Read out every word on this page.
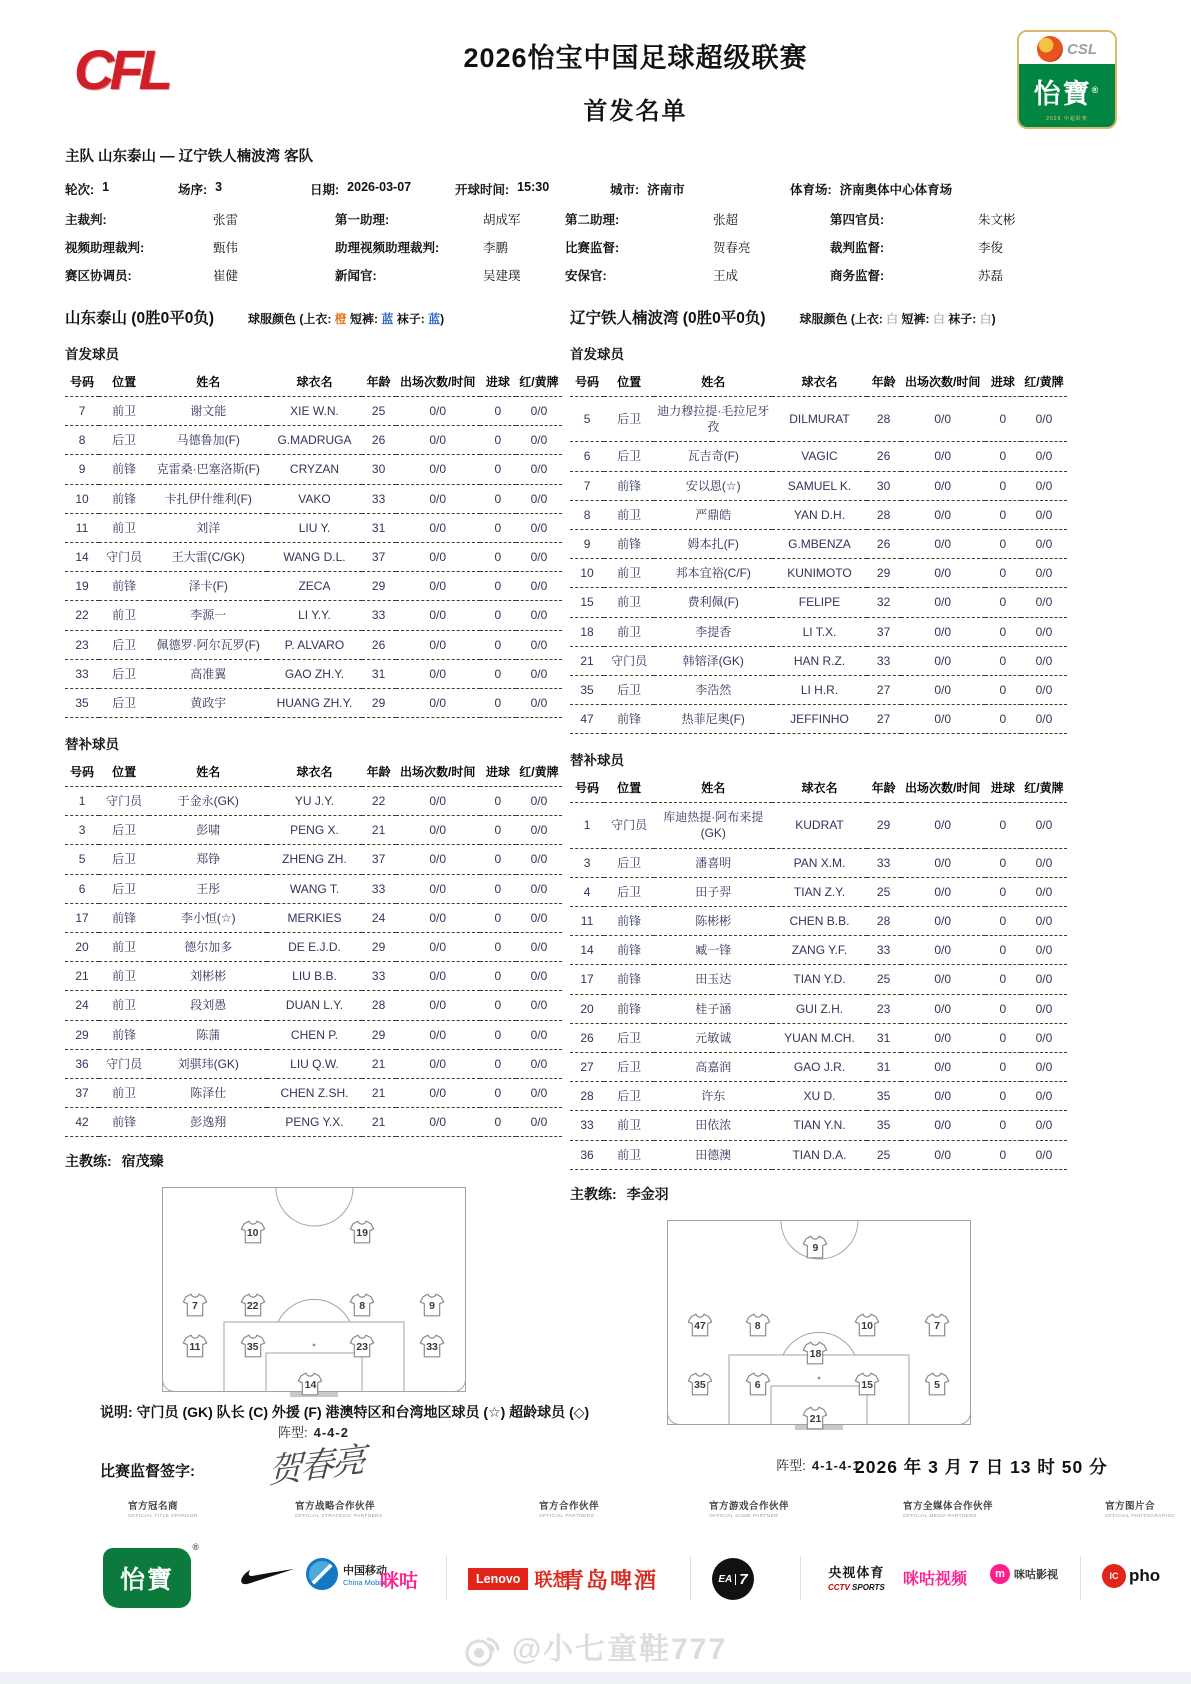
CFL	2026怡宝中国足球超级联赛
首发名单
CSL
怡寶®
2026 中超联赛
主队 山东泰山 — 辽宁铁人楠波湾 客队
轮次: 1	场序: 3	日期: 2026-03-07	开球时间: 15:30	城市: 济南市	体育场: 济南奥体中心体育场
主裁判:	张雷	第一助理:	胡成军	第二助理:	张超	第四官员:	朱文彬
视频助理裁判:	甄伟	助理视频助理裁判:	李鹏	比赛监督:	贺春亮	裁判监督:	李俊
赛区协调员:	崔健	新闻官:	吴建璞	安保官:	王成	商务监督:	苏磊
山东泰山 (0胜0平0负)	球服颜色 (上衣: 橙 短裤: 蓝 袜子: 蓝)
首发球员
号码	位置	姓名	球衣名	年龄	出场次数/时间	进球	红/黄牌
7	前卫	谢文能	XIE W.N.	25	0/0	0	0/0
8	后卫	马德鲁加(F)	G.MADRUGA	26	0/0	0	0/0
9	前锋	克雷桑·巴塞洛斯(F)	CRYZAN	30	0/0	0	0/0
10	前锋	卡扎伊什维利(F)	VAKO	33	0/0	0	0/0
11	前卫	刘洋	LIU Y.	31	0/0	0	0/0
14	守门员	王大雷(C/GK)	WANG D.L.	37	0/0	0	0/0
19	前锋	泽卡(F)	ZECA	29	0/0	0	0/0
22	前卫	李源一	LI Y.Y.	33	0/0	0	0/0
23	后卫	佩德罗·阿尔瓦罗(F)	P. ALVARO	26	0/0	0	0/0
33	后卫	高准翼	GAO ZH.Y.	31	0/0	0	0/0
35	后卫	黄政宇	HUANG ZH.Y.	29	0/0	0	0/0
替补球员
号码	位置	姓名	球衣名	年龄	出场次数/时间	进球	红/黄牌
1	守门员	于金永(GK)	YU J.Y.	22	0/0	0	0/0
3	后卫	彭啸	PENG X.	21	0/0	0	0/0
5	后卫	郑铮	ZHENG ZH.	37	0/0	0	0/0
6	后卫	王彤	WANG T.	33	0/0	0	0/0
17	前锋	李小恒(☆)	MERKIES	24	0/0	0	0/0
20	前卫	德尔加多	DE E.J.D.	29	0/0	0	0/0
21	前卫	刘彬彬	LIU B.B.	33	0/0	0	0/0
24	前卫	段刘愚	DUAN L.Y.	28	0/0	0	0/0
29	前锋	陈蒲	CHEN P.	29	0/0	0	0/0
36	守门员	刘骐玮(GK)	LIU Q.W.	21	0/0	0	0/0
37	前卫	陈泽仕	CHEN Z.SH.	21	0/0	0	0/0
42	前锋	彭逸翔	PENG Y.X.	21	0/0	0	0/0
主教练: 宿茂臻
10	19
7	22	8	9
11	35	23	33
14
阵型: 4-4-2
辽宁铁人楠波湾 (0胜0平0负)	球服颜色 (上衣: 白 短裤: 白 袜子: 白)
首发球员
号码	位置	姓名	球衣名	年龄	出场次数/时间	进球	红/黄牌
5	后卫	迪力穆拉提·毛拉尼牙孜	DILMURAT	28	0/0	0	0/0
6	后卫	瓦吉奇(F)	VAGIC	26	0/0	0	0/0
7	前锋	安以恩(☆)	SAMUEL K.	30	0/0	0	0/0
8	前卫	严鼎皓	YAN D.H.	28	0/0	0	0/0
9	前锋	姆本扎(F)	G.MBENZA	26	0/0	0	0/0
10	前卫	邦本宜裕(C/F)	KUNIMOTO	29	0/0	0	0/0
15	前卫	费利佩(F)	FELIPE	32	0/0	0	0/0
18	前卫	李提香	LI T.X.	37	0/0	0	0/0
21	守门员	韩镕泽(GK)	HAN R.Z.	33	0/0	0	0/0
35	后卫	李浩然	LI H.R.	27	0/0	0	0/0
47	前锋	热菲尼奥(F)	JEFFINHO	27	0/0	0	0/0
替补球员
号码	位置	姓名	球衣名	年龄	出场次数/时间	进球	红/黄牌
1	守门员	库迪热提·阿布来提(GK)	KUDRAT	29	0/0	0	0/0
3	后卫	潘喜明	PAN X.M.	33	0/0	0	0/0
4	后卫	田子羿	TIAN Z.Y.	25	0/0	0	0/0
11	前锋	陈彬彬	CHEN B.B.	28	0/0	0	0/0
14	前锋	臧一锋	ZANG Y.F.	33	0/0	0	0/0
17	前锋	田玉达	TIAN Y.D.	25	0/0	0	0/0
20	前锋	桂子涵	GUI Z.H.	23	0/0	0	0/0
26	后卫	元敏诚	YUAN M.CH.	31	0/0	0	0/0
27	后卫	高嘉润	GAO J.R.	31	0/0	0	0/0
28	后卫	许东	XU D.	35	0/0	0	0/0
33	前卫	田依浓	TIAN Y.N.	35	0/0	0	0/0
36	前卫	田德澳	TIAN D.A.	25	0/0	0	0/0
主教练: 李金羽
9
47	8	10	7
18
35	6	15	5
21
阵型: 4-1-4-1
说明: 守门员 (GK) 队长 (C) 外援 (F) 港澳特区和台湾地区球员 (☆) 超龄球员 (◇)
比赛监督签字: 贺春亮	2026 年 3 月 7 日 13 时 50 分
官方冠名商
OFFICIAL TITLE SPONSOR
官方战略合作伙伴
OFFICIAL STRATEGIC PARTNERS
官方合作伙伴
OFFICIAL PARTNERS
官方游戏合作伙伴
OFFICIAL GAME PARTNER
官方全媒体合作伙伴
OFFICIAL MEDIA PARTNERS
官方图片合
OFFICIAL PHOTOGRAPHIC
怡寶
®
中国移动
China Mobile
咪咕	Lenovo 联想
青岛啤酒	EA 7	央视体育
CCTV SPORTS 咪咕视频	m 咪咕影视	IC pho
@小七童鞋777
